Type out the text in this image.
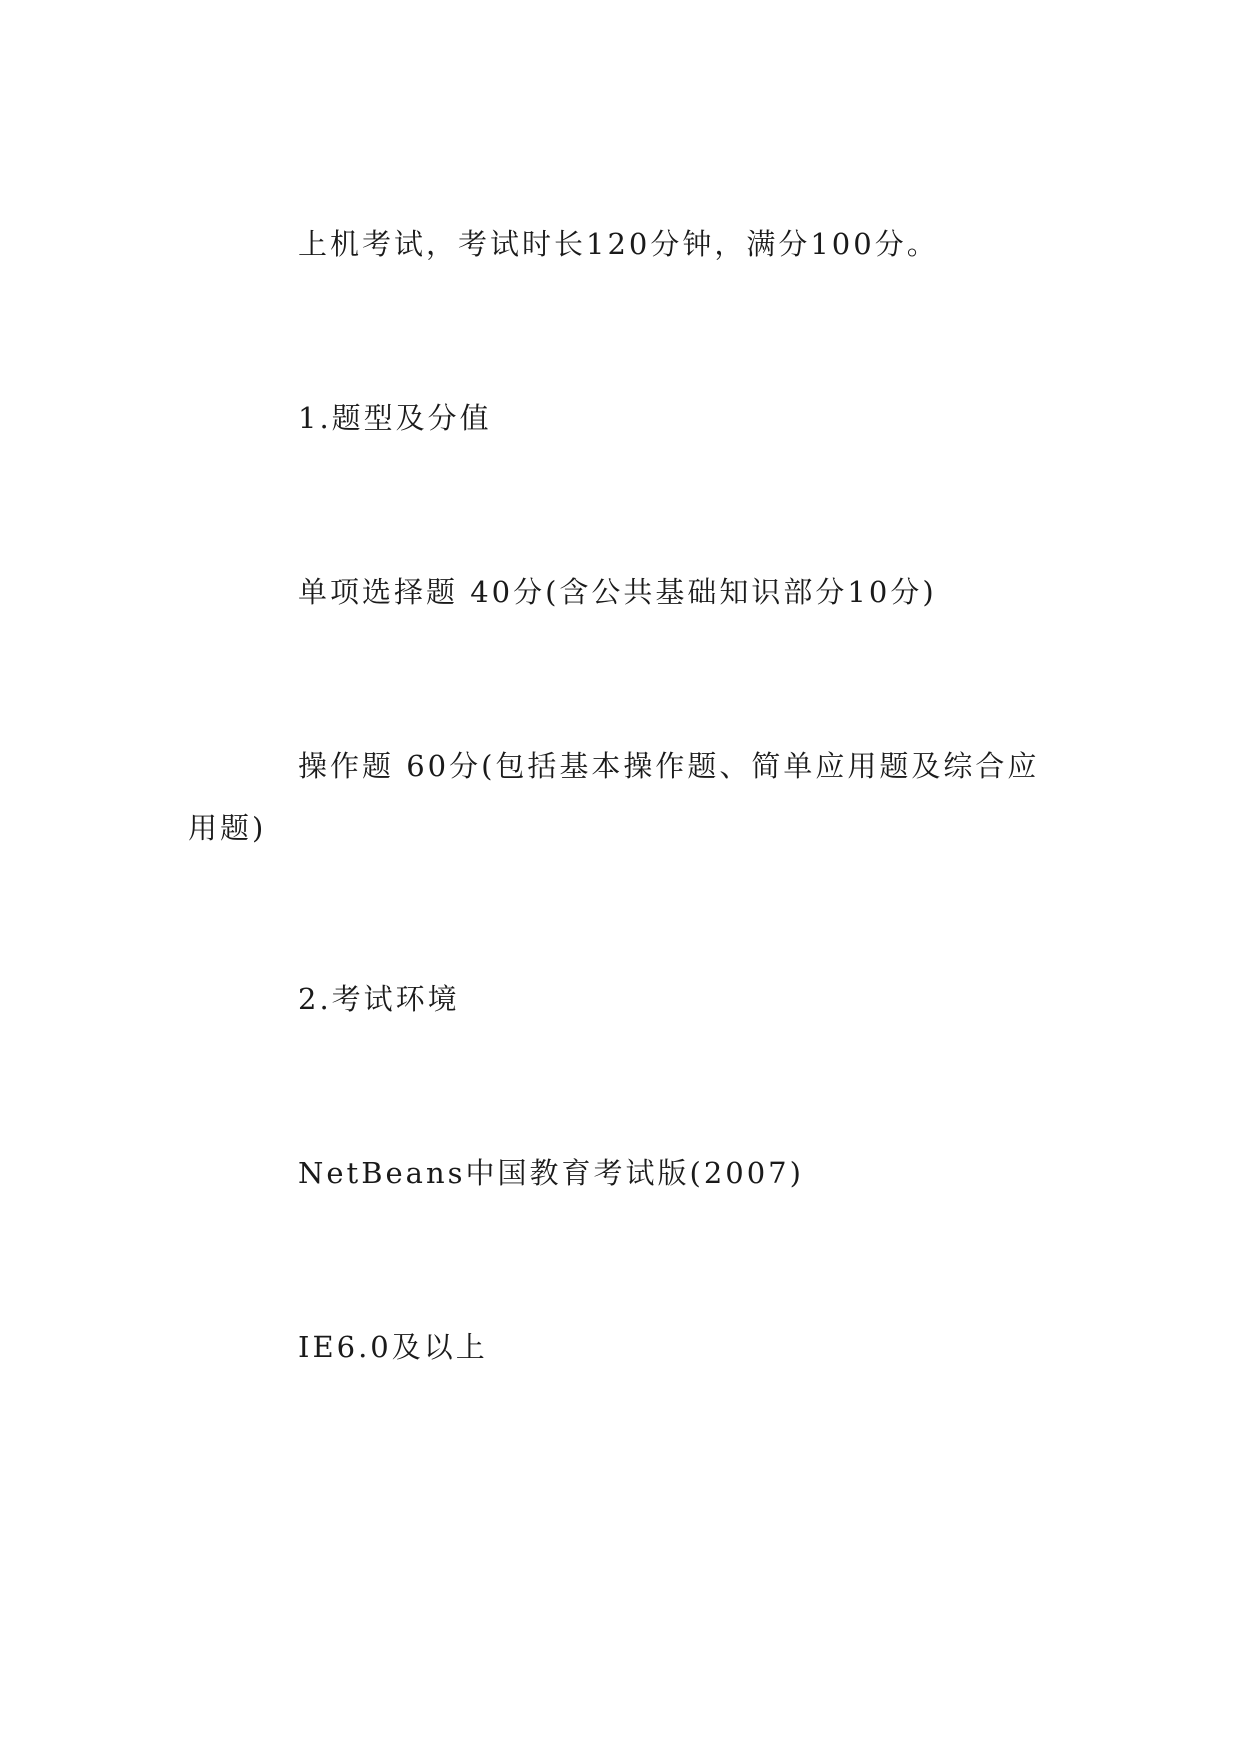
上机考试，考试时长120分钟，满分100分。

1.题型及分值

单项选择题 40分(含公共基础知识部分10分)

操作题 60分(包括基本操作题、简单应用题及综合应用题)

2.考试环境

NetBeans中国教育考试版(2007)

IE6.0及以上
